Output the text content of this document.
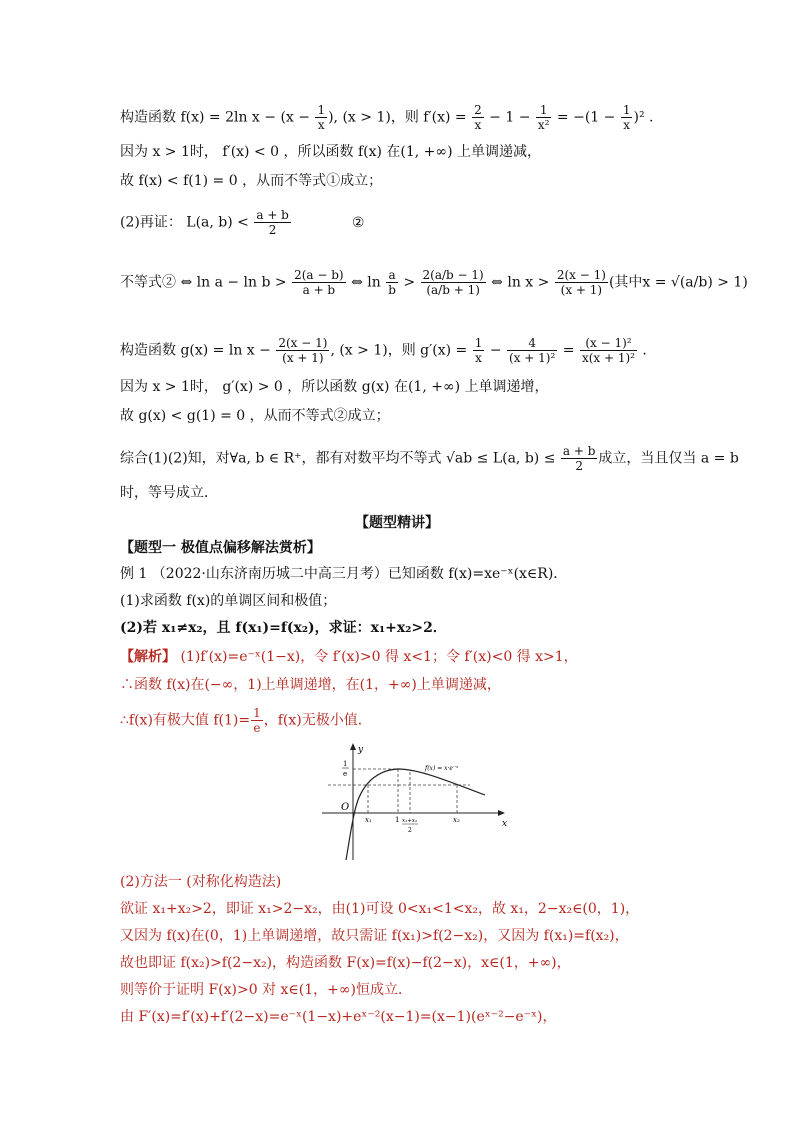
构造函数 f(x) = 2ln $x - (x - \frac{1}{x}$ ), (x > 1)，则 $f'(x) = \frac{2}{x} - 1 - \frac{1}{\text{x²}} = -(1 - \frac{1}{x} )^2$ .
因为 x > 1时， f′(x) < 0 ，所以函数 f(x) 在(1, +∞) 上单调递减，
故 f(x) < f(1) = 0 ，从而不等式①成立；
(2)再证： L(a, $b) < \frac{a + b}{2}$	②
不等式② ⇔ $\ln a - \ln b > \frac{2(a - b)}{a + b}$ ⇔ $\ln \frac{a}{b} > \frac{2(a/b - 1)}{(a/b + 1)}$ ⇔ $\ln x > \frac{2(x - 1)}{(x + 1)}$ (其中x = √(a/b) > 1)
构造函数 $g(x) = \ln x - \frac{2(x - 1)}{(x + 1)}$ , (x > 1)，则 $g'(x) = \frac{1}{x} - \frac{4}{\text{(x + 1)²}} = \frac{\text{(x − 1)²}}{\text{x(x + 1)²}}$ .
因为 x > 1时， g′(x) > 0 ，所以函数 g(x) 在(1, +∞) 上单调递增，
故 g(x) < g(1) = 0 ，从而不等式②成立；
综合(1)(2)知，对∀a, b ∈ R⁺，都有对数平均不等式 √ab ≤ L(a, $b) \le \frac{a + b}{2}$ 成立，当且仅当 a = b
时，等号成立．
【题型精讲】
【题型一 极值点偏移解法赏析】
例 1 （2022·山东济南历城二中高三月考）已知函数 f(x)=xe⁻ˣ(x∈R)．
(1)求函数 f(x)的单调区间和极值；
(2)若 x₁≠x₂，且 f(x₁)=f(x₂)，求证：x₁+x₂>2．
【解析】 (1)f′(x)=e⁻ˣ(1−x)，令 f′(x)>0 得 x<1；令 f′(x)<0 得 x>1，
∴函数 f(x)在(−∞，1)上单调递增，在(1，+∞)上单调递减，
∴f(x)有极大值 $f(1)= \frac{1}{e}$ ，f(x)无极小值．
y
x
O
1
e
f(x) = x·e⁻ˣ
x₁	1 x₁+x₂
2
x₂
(2)方法一 (对称化构造法)
欲证 x₁+x₂>2，即证 x₁>2−x₂，由(1)可设 0<x₁<1<x₂，故 x₁，2−x₂∈(0，1)，
又因为 f(x)在(0，1)上单调递增，故只需证 f(x₁)>f(2−x₂)，又因为 f(x₁)=f(x₂)，
故也即证 f(x₂)>f(2−x₂)，构造函数 F(x)=f(x)−f(2−x)，x∈(1，+∞)，
则等价于证明 F(x)>0 对 x∈(1，+∞)恒成立．
由 F′(x)=f′(x)+f′(2−x)=e⁻ˣ(1−x)+eˣ⁻²(x−1)=(x−1)(eˣ⁻²−e⁻ˣ)，
